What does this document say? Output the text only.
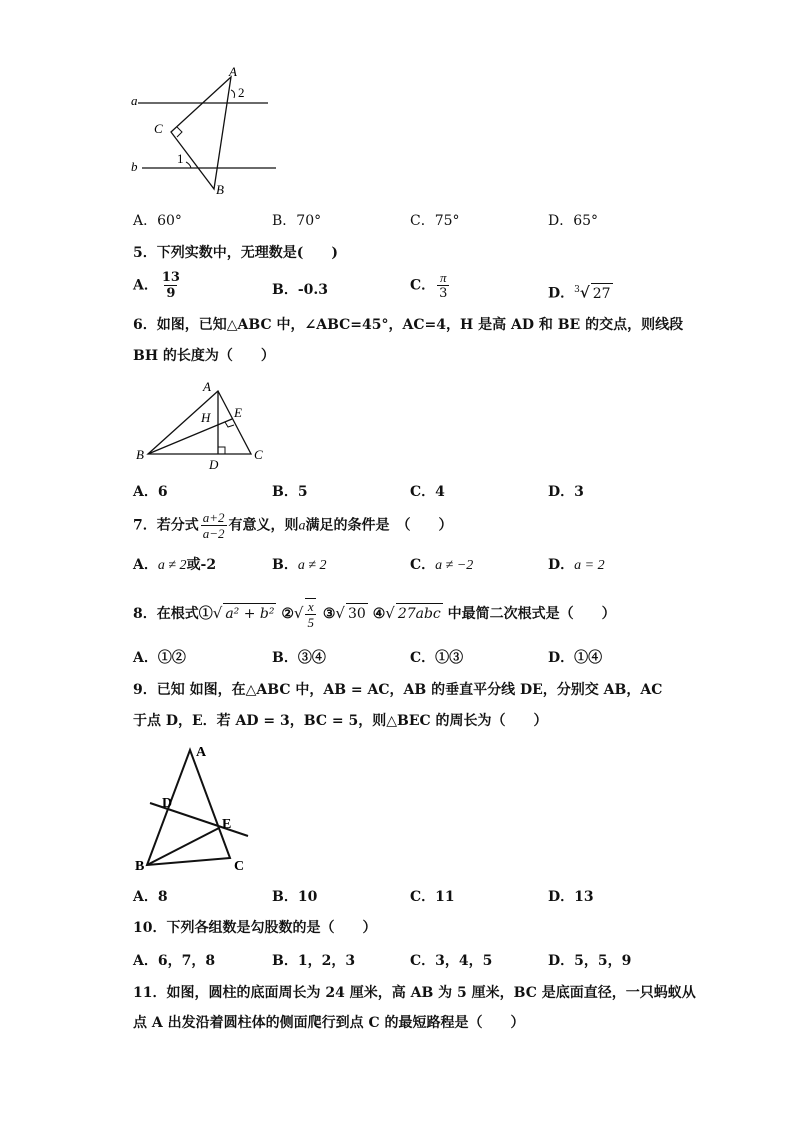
A
2
a
C
1
b
B
A．60°	B．70°	C．75°	D．65°
5．下列实数中，无理数是(　　)
A． $\frac{13}{9}$	B．-0.3	C． $\frac{\pi}{3}$	D．$^3$√ 27
6．如图，已知△ABC 中，∠ABC=45°，AC=4，H 是高 AD 和 BE 的交点，则线段
BH 的长度为（　　）
A
H E
B
D
C
A．6	B．5	C．4	D．3
7．若分式 $\frac{a+2}{a-2}$ 有意义，则a满足的条件是　（　　）
A．a ≠ 2或-2	B．a ≠ 2	C．a ≠ −2	D．a = 2
8．在根式①√ a² + b² ②√ $\frac{x}{5}$ ③√ 30 ④√ 27abc 中最简二次根式是（　　）
A．①②	B．③④	C．①③	D．①④
9．已知 如图，在△ABC 中，AB = AC，AB 的垂直平分线 DE，分别交 AB，AC
于点 D，E．若 AD = 3，BC = 5，则△BEC 的周长为（　　）
A
D
E
B	C
A．8	B．10	C．11	D．13
10．下列各组数是勾股数的是（　　）
A．6，7，8	B．1，2，3	C．3，4，5	D．5，5，9
11．如图，圆柱的底面周长为 24 厘米，高 AB 为 5 厘米，BC 是底面直径，一只蚂蚁从
点 A 出发沿着圆柱体的侧面爬行到点 C 的最短路程是（　　）
